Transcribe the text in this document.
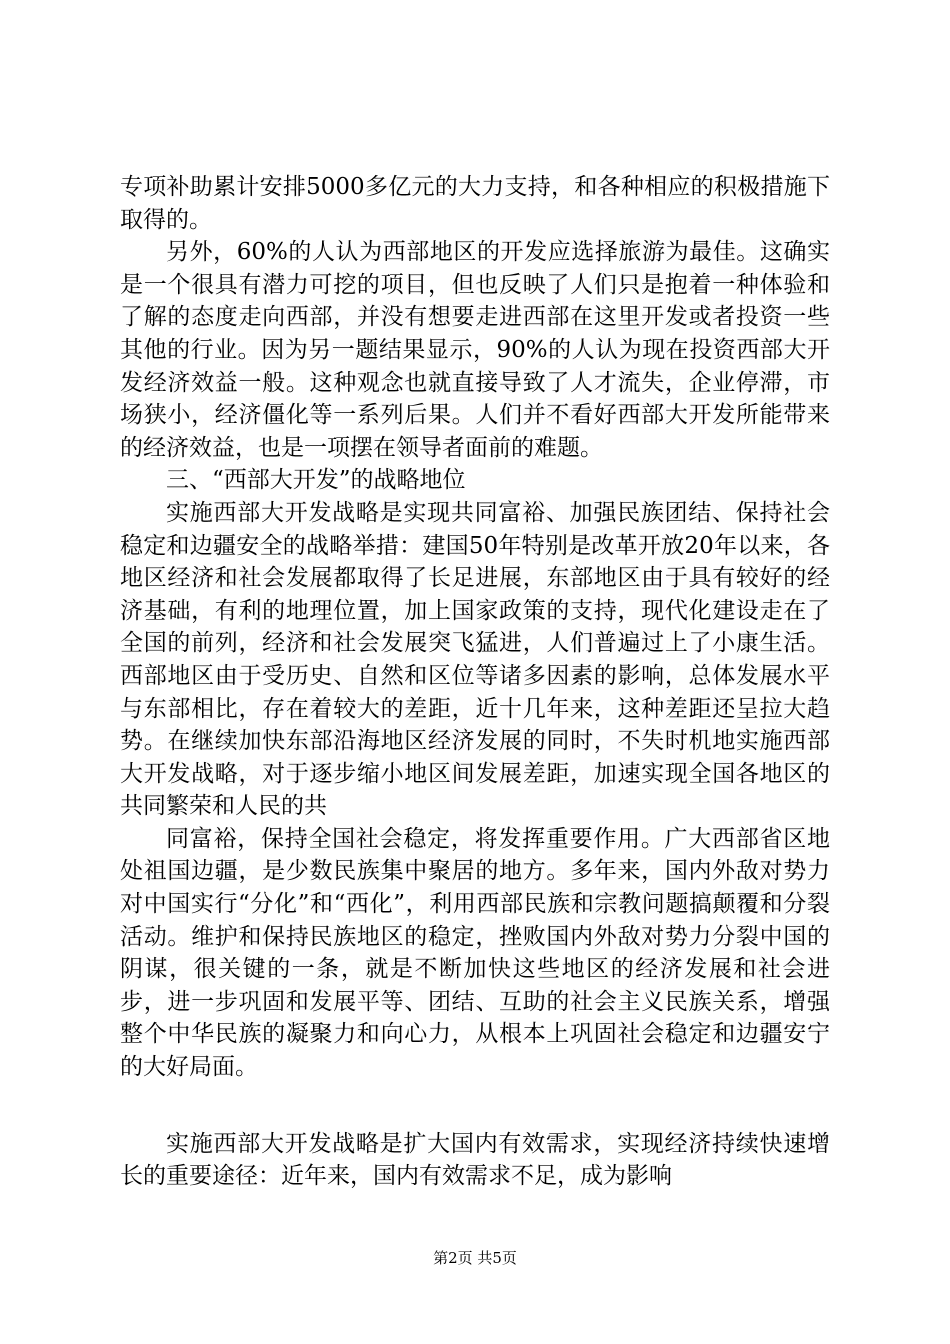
专项补助累计安排5000多亿元的大力支持，和各种相应的积极措施下取得的。

另外，60%的人认为西部地区的开发应选择旅游为最佳。这确实是一个很具有潜力可挖的项目，但也反映了人们只是抱着一种体验和了解的态度走向西部，并没有想要走进西部在这里开发或者投资一些其他的行业。因为另一题结果显示，90%的人认为现在投资西部大开发经济效益一般。这种观念也就直接导致了人才流失，企业停滞，市场狭小，经济僵化等一系列后果。人们并不看好西部大开发所能带来的经济效益，也是一项摆在领导者面前的难题。

三、“西部大开发”的战略地位

实施西部大开发战略是实现共同富裕、加强民族团结、保持社会稳定和边疆安全的战略举措：建国50年特别是改革开放20年以来，各地区经济和社会发展都取得了长足进展，东部地区由于具有较好的经济基础，有利的地理位置，加上国家政策的支持，现代化建设走在了全国的前列，经济和社会发展突飞猛进，人们普遍过上了小康生活。西部地区由于受历史、自然和区位等诸多因素的影响，总体发展水平与东部相比，存在着较大的差距，近十几年来，这种差距还呈拉大趋势。在继续加快东部沿海地区经济发展的同时，不失时机地实施西部大开发战略，对于逐步缩小地区间发展差距，加速实现全国各地区的共同繁荣和人民的共

同富裕，保持全国社会稳定，将发挥重要作用。广大西部省区地处祖国边疆，是少数民族集中聚居的地方。多年来，国内外敌对势力对中国实行“分化”和“西化”，利用西部民族和宗教问题搞颠覆和分裂活动。维护和保持民族地区的稳定，挫败国内外敌对势力分裂中国的阴谋，很关键的一条，就是不断加快这些地区的经济发展和社会进步，进一步巩固和发展平等、团结、互助的社会主义民族关系，增强整个中华民族的凝聚力和向心力，从根本上巩固社会稳定和边疆安宁的大好局面。

实施西部大开发战略是扩大国内有效需求，实现经济持续快速增长的重要途径：近年来，国内有效需求不足，成为影响

第2页 共5页
